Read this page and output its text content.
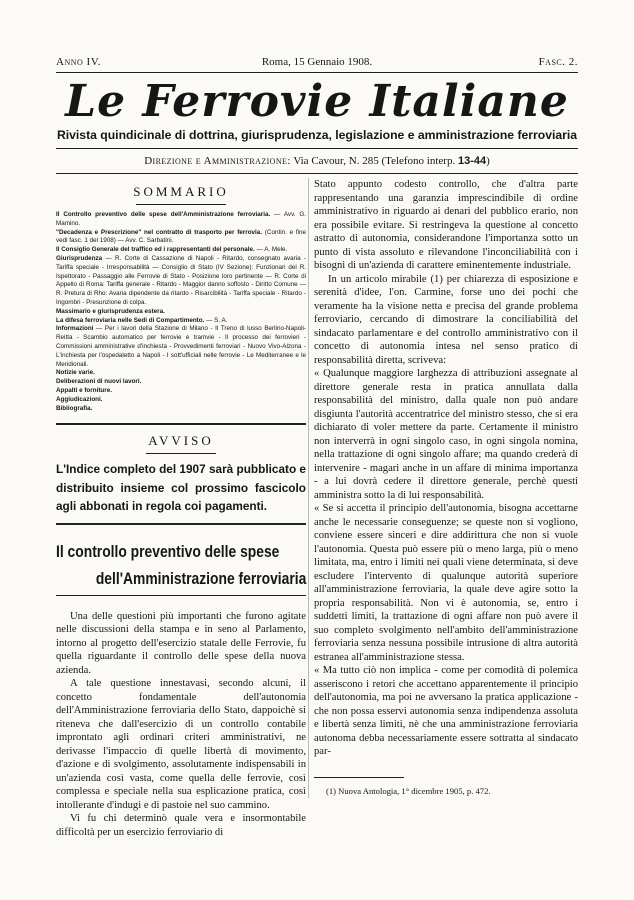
Anno IV.	Roma, 15 Gennaio 1908.	Fasc. 2.
Le Ferrovie Italiane
Rivista quindicinale di dottrina, giurisprudenza, legislazione e amministrazione ferroviaria
Direzione e Amministrazione: Via Cavour, N. 285 (Telefono interp. 13-44)
SOMMARIO

Il Controllo preventivo delle spese dell'Amministrazione ferroviaria. — Avv. G. Mamino.

"Decadenza e Prescrizione" nel contratto di trasporto per ferrovia. (Contin. e fine vedi fasc. 1 del 1908) — Avv. C. Sarbatini.

Il Consiglio Generale del traffico ed i rappresentanti del personale. — A. Mele.

Giurisprudenza — R. Corte di Cassazione di Napoli - Ritardo, consegnato avaria - Tariffa speciale - Irresponsabilità — Consiglio di Stato (IV Sezione): Funzionari del R. Ispettorato - Passaggio alle Ferrovie di Stato - Posizione loro pertinente — R. Corte di Appello di Roma: Tariffa generale - Ritardo - Maggior danno soffosto - Diritto Comune — R. Pretura di Rho: Avaria dipendente da ritardo - Risarcibilità - Tariffa speciale - Ritardo - Ingombri - Presunzione di colpa.

Massimario e giurisprudenza estera.

La difesa ferroviaria nelle Sedi di Compartimento. — S. A.

Informazioni — Per i lavori della Stazione di Milano - Il Treno di lusso Berlino-Napoli-Reitta - Scambio automatico per ferrovie e tramvie - Il processo dei ferrovieri - Commissioni amministrative d'inchiesta - Provvedimenti ferroviari - Nuovo Vivo-Alzona - L'inchiesta per l'ospedaletto a Napoli - I sott'ufficiali nelle ferrovie - Le Mediterranee e le Meridionali.

Notizie varie.

Deliberazioni di nuovi lavori.

Appalti e forniture.

Aggiudicazioni.

Bibliografia.

AVVISO
L'Indice completo del 1907 sarà pubblicato e distribuito insieme col prossimo fascicolo agli abbonati in regola coi pagamenti.
Il controllo preventivo delle spese
dell'Amministrazione ferroviaria

Una delle questioni più importanti che furono agitate nelle discussioni della stampa e in seno al Parlamento, intorno al progetto dell'esercizio statale delle Ferrovie, fu quella riguardante il controllo delle spese della nuova azienda.

A tale questione innestavasi, secondo alcuni, il concetto fondamentale dell'autonomia dell'Amministrazione ferroviaria dello Stato, dappoichè si riteneva che dall'esercizio di un controllo contabile improntato agli ordinari criteri amministrativi, ne derivasse l'impaccio di quelle libertà di movimento, d'azione e di svolgimento, assolutamente indispensabili in un'azienda così vasta, come quella delle ferrovie, così complessa e speciale nella sua esplicazione pratica, così intollerante d'indugi e di pastoie nel suo cammino.

Vi fu chi determinò quale vera e insormontabile difficoltà per un esercizio ferroviario di

Stato appunto codesto controllo, che d'altra parte rappresentando una garanzia imprescindibile di ordine amministrativo in riguardo ai denari del pubblico erario, non era possibile evitare. Si restringeva la questione al concetto astratto di autonomia, considerandone l'importanza sotto un punto di vista assoluto e rilevandone l'inconciliabilità con i bisogni di un'azienda di carattere eminentemente industriale.

In un articolo mirabile (1) per chiarezza di esposizione e serenità d'idee, l'on. Carmine, forse uno dei pochi che veramente ha la visione netta e precisa del grande problema ferroviario, cercando di dimostrare la conciliabilità del sindacato parlamentare e del controllo amministrativo con il concetto di autonomia intesa nel senso pratico di responsabilità diretta, scriveva:

« Qualunque maggiore larghezza di attribuzioni assegnate al direttore generale resta in pratica annullata dalla responsabilità del ministro, dalla quale non può andare disgiunta l'autorità accentratrice del ministro stesso, che si era dichiarato di voler mettere da parte. Certamente il ministro non interverrà in ogni singolo caso, in ogni singola nomina, nella trattazione di ogni singolo affare; ma quando crederà di intervenire - magari anche in un affare di minima importanza - a lui dovrà cedere il direttore generale, perchè questi amministra sotto la di lui responsabilità.

« Se si accetta il principio dell'autonomia, bisogna accettarne anche le necessarie conseguenze; se queste non si vogliono, conviene essere sinceri e dire addirittura che non si vuole l'autonomia. Questa può essere più o meno larga, più o meno limitata, ma, entro i limiti nei quali viene determinata, si deve escludere l'intervento di qualunque autorità superiore all'amministrazione ferroviaria, la quale deve agire sotto la propria responsabilità. Non vi è autonomia, se, entro i suddetti limiti, la trattazione di ogni affare non può avere il suo completo svolgimento nell'ambito dell'amministrazione ferroviaria senza nessuna possibile intrusione di altra autorità estranea all'amministrazione stessa.

« Ma tutto ciò non implica - come per comodità di polemica asseriscono i retori che accettano apparentemente il principio dell'autonomia, ma poi ne avversano la pratica applicazione - che non possa esservi autonomia senza indipendenza assoluta e libertà senza limiti, nè che una amministrazione ferroviaria autonoma debba necessariamente essere sottratta al sindacato par-

(1) Nuova Antologia, 1° dicembre 1905, p. 472.
